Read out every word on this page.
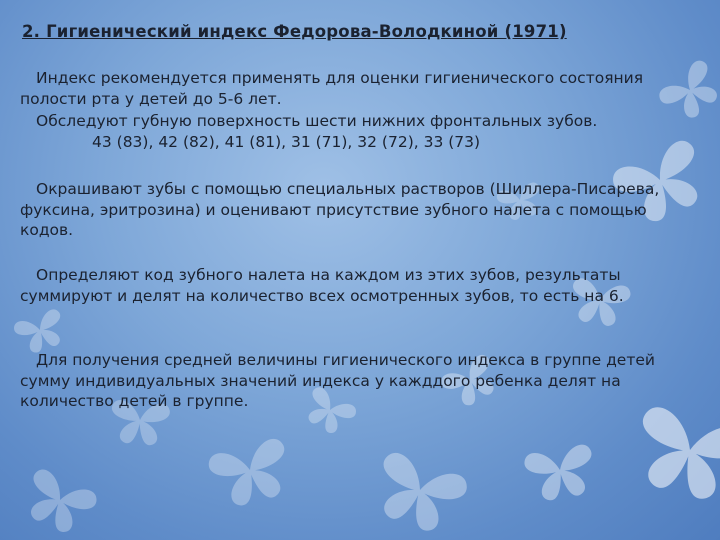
2. Гигиенический индекс Федорова-Володкиной (1971)

Индекс рекомендуется применять для оценки гигиенического состояния полости рта у детей до 5-6 лет.

Обследуют губную поверхность шести нижних фронтальных зубов.
43 (83), 42 (82), 41 (81), 31 (71), 32 (72), 33 (73)

Окрашивают зубы с помощью специальных растворов (Шиллера-Писарева, фуксина, эритрозина) и оценивают присутствие зубного налета с помощью кодов.

Определяют код зубного налета на каждом из этих зубов, результаты суммируют и делят на количество всех осмотренных зубов, то есть на 6.

Для получения средней величины гигиенического индекса в группе детей сумму индивидуальных значений индекса у кажддого ребенка делят на количество детей в группе.
